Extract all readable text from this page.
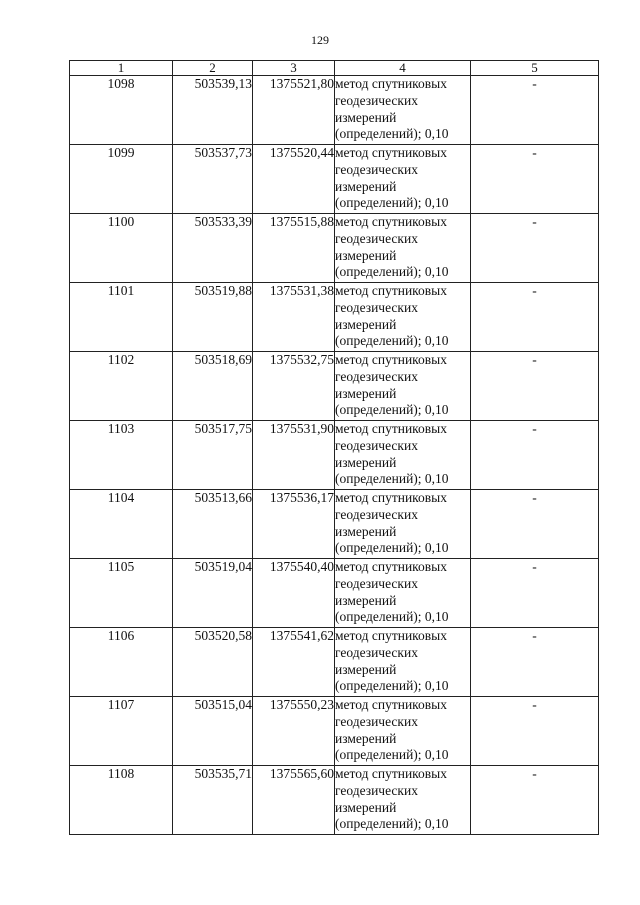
129
1	2	3	4	5
1098	503539,13	1375521,80	метод спутниковых
геодезических
измерений
(определений); 0,10	-
1099	503537,73	1375520,44	метод спутниковых
геодезических
измерений
(определений); 0,10	-
1100	503533,39	1375515,88	метод спутниковых
геодезических
измерений
(определений); 0,10	-
1101	503519,88	1375531,38	метод спутниковых
геодезических
измерений
(определений); 0,10	-
1102	503518,69	1375532,75	метод спутниковых
геодезических
измерений
(определений); 0,10	-
1103	503517,75	1375531,90	метод спутниковых
геодезических
измерений
(определений); 0,10	-
1104	503513,66	1375536,17	метод спутниковых
геодезических
измерений
(определений); 0,10	-
1105	503519,04	1375540,40	метод спутниковых
геодезических
измерений
(определений); 0,10	-
1106	503520,58	1375541,62	метод спутниковых
геодезических
измерений
(определений); 0,10	-
1107	503515,04	1375550,23	метод спутниковых
геодезических
измерений
(определений); 0,10	-
1108	503535,71	1375565,60	метод спутниковых
геодезических
измерений
(определений); 0,10	-
